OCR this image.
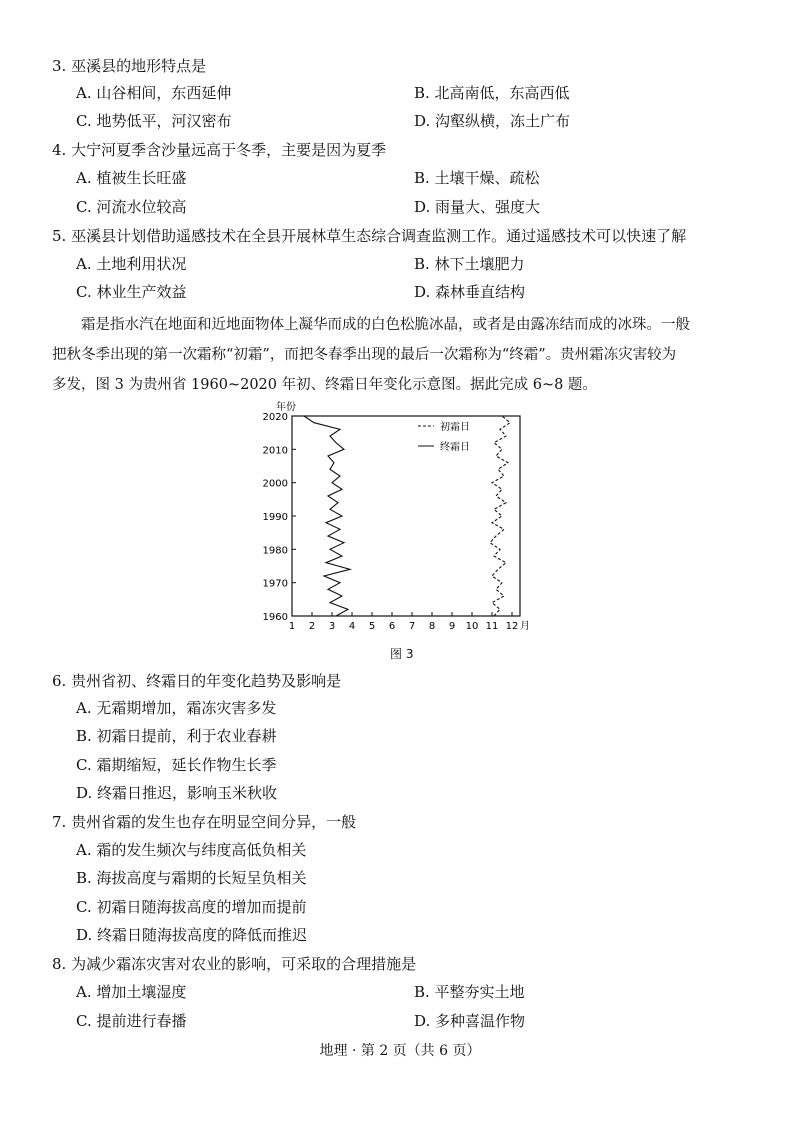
3. 巫溪县的地形特点是
A. 山谷相间，东西延伸	B. 北高南低，东高西低
C. 地势低平，河汉密布	D. 沟壑纵横，冻土广布
4. 大宁河夏季含沙量远高于冬季，主要是因为夏季
A. 植被生长旺盛	B. 土壤干燥、疏松
C. 河流水位较高	D. 雨量大、强度大
5. 巫溪县计划借助遥感技术在全县开展林草生态综合调查监测工作。通过遥感技术可以快速了解
A. 土地利用状况	B. 林下土壤肥力
C. 林业生产效益	D. 森林垂直结构

霜是指水汽在地面和近地面物体上凝华而成的白色松脆冰晶，或者是由露冻结而成的冰珠。一般

把秋冬季出现的第一次霜称“初霜”，而把冬春季出现的最后一次霜称为“终霜”。贵州霜冻灾害较为

多发，图 3 为贵州省 1960~2020 年初、终霜日年变化示意图。据此完成 6~8 题。

1960
1970
1980
1990
2000
2010
2020
1 2 3 4 5 6 7 8 9 10 11 12
年份
月
初霜日
终霜日
图 3
6. 贵州省初、终霜日的年变化趋势及影响是
A. 无霜期增加，霜冻灾害多发
B. 初霜日提前，利于农业春耕
C. 霜期缩短，延长作物生长季
D. 终霜日推迟，影响玉米秋收
7. 贵州省霜的发生也存在明显空间分异，一般
A. 霜的发生频次与纬度高低负相关
B. 海拔高度与霜期的长短呈负相关
C. 初霜日随海拔高度的增加而提前
D. 终霜日随海拔高度的降低而推迟
8. 为减少霜冻灾害对农业的影响，可采取的合理措施是
A. 增加土壤湿度	B. 平整夯实土地
C. 提前进行春播	D. 多种喜温作物
地理 · 第 2 页（共 6 页）
